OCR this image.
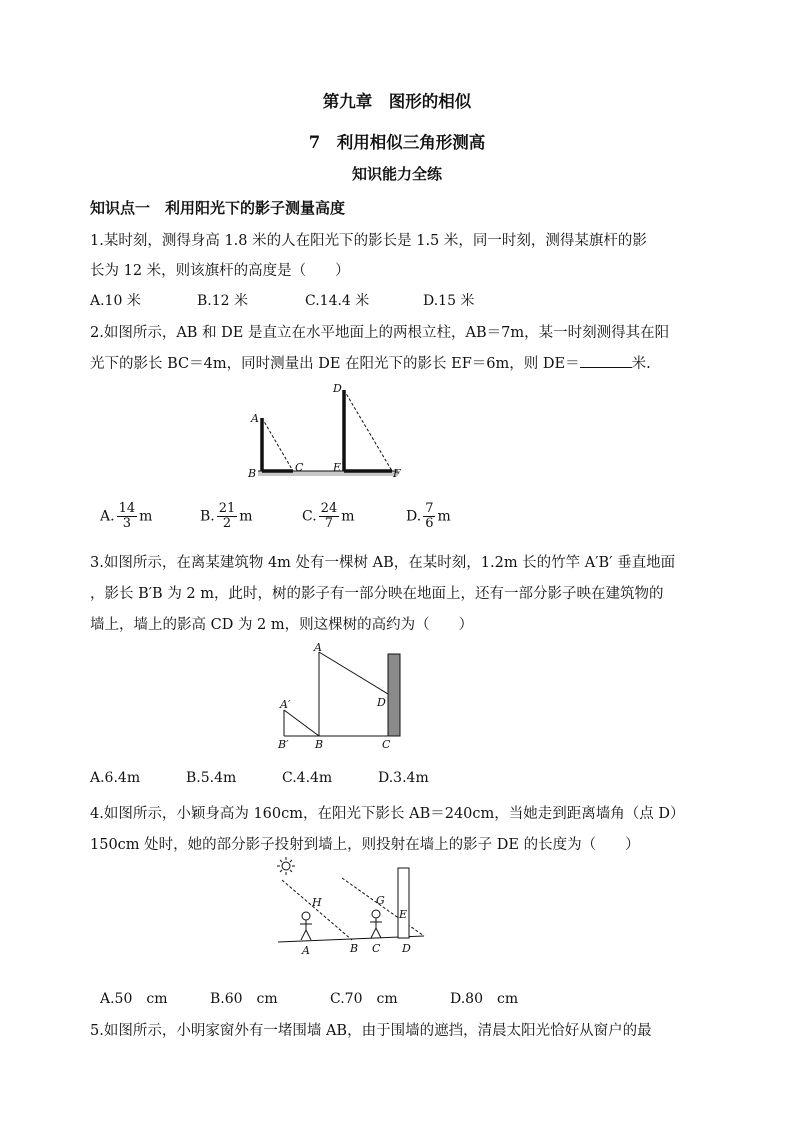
第九章　图形的相似
7　利用相似三角形测高
知识能力全练
知识点一　利用阳光下的影子测量高度
1.某时刻，测得身高 1.8 米的人在阳光下的影长是 1.5 米，同一时刻，测得某旗杆的影
长为 12 米，则该旗杆的高度是（　　）
A.10 米	B.12 米	C.14.4 米	D.15 米
2.如图所示，AB 和 DE 是直立在水平地面上的两根立柱，AB＝7m，某一时刻测得其在阳
光下的影长 BC＝4m，同时测量出 DE 在阳光下的影长 EF＝6m，则 DE＝	米.
A
B	C
D
E	F
A. $\frac{14}{3}$ m	B. $\frac{21}{2}$ m	C. $\frac{24}{7}$ m	D. $\frac{7}{6}$ m
3.如图所示，在离某建筑物 4m 处有一棵树 AB，在某时刻，1.2m 长的竹竿 A′B′ 垂直地面
，影长 B′B 为 2 m，此时，树的影子有一部分映在地面上，还有一部分影子映在建筑物的
墙上，墙上的影高 CD 为 2 m，则这棵树的高约为（　　）
A
A′
B′ B	C
D
A.6.4m	B.5.4m	C.4.4m	D.3.4m
4.如图所示，小颖身高为 160cm，在阳光下影长 AB＝240cm，当她走到距离墙角（点 D）
150cm 处时，她的部分影子投射到墙上，则投射在墙上的影子 DE 的长度为（　　）
H	G
E
A	B C D
A.50　cm	B.60　cm	C.70　cm	D.80　cm
5.如图所示，小明家窗外有一堵围墙 AB，由于围墙的遮挡，清晨太阳光恰好从窗户的最
